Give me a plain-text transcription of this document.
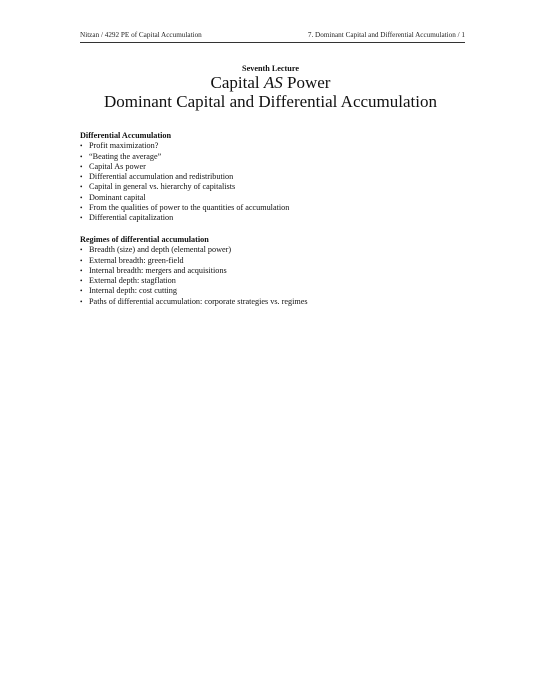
Nitzan / 4292 PE of Capital Accumulation	7. Dominant Capital and Differential Accumulation / 1
Seventh Lecture
Capital AS Power
Dominant Capital and Differential Accumulation
Differential Accumulation
• Profit maximization?
• “Beating the average”
• Capital As power
• Differential accumulation and redistribution
• Capital in general vs. hierarchy of capitalists
• Dominant capital
• From the qualities of power to the quantities of accumulation
• Differential capitalization
Regimes of differential accumulation
• Breadth (size) and depth (elemental power)
• External breadth: green-field
• Internal breadth: mergers and acquisitions
• External depth: stagflation
• Internal depth: cost cutting
• Paths of differential accumulation: corporate strategies vs. regimes
